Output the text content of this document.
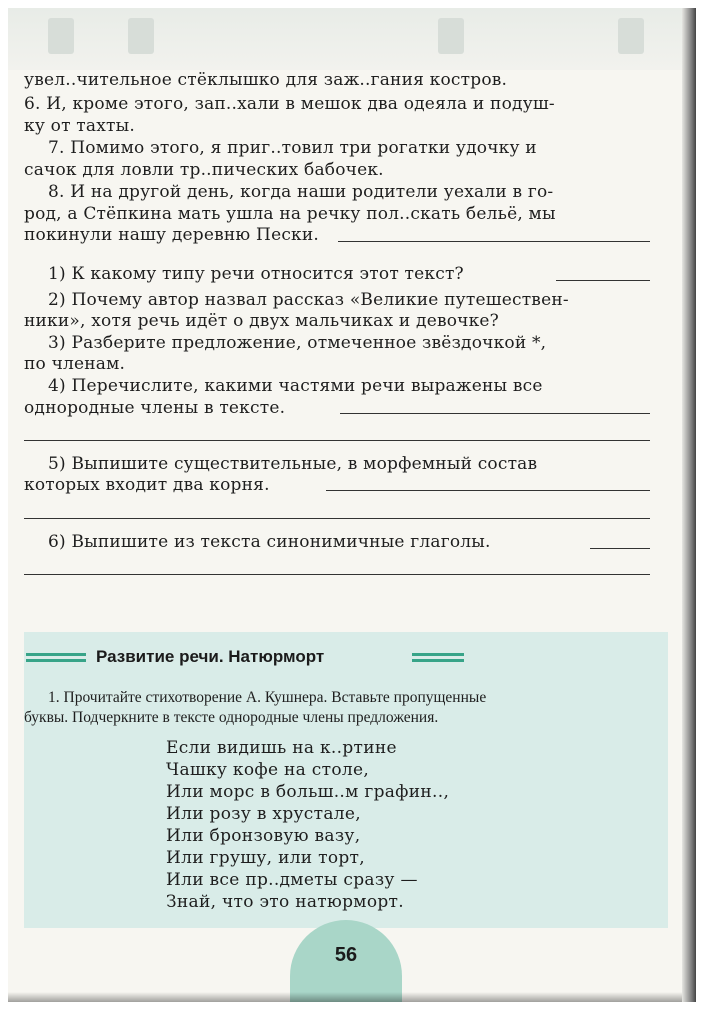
увел..чительное стёклышко для заж..гания костров.
6. И, кроме этого, зап..хали в мешок два одеяла и подуш-
ку от тахты.
7. Помимо этого, я приг..товил три рогатки удочку и
сачок для ловли тр..пических бабочек.
8. И на другой день, когда наши родители уехали в го-
род, а Стёпкина мать ушла на речку пол..скать бельё, мы
покинули нашу деревню Пески.
1) К какому типу речи относится этот текст?
2) Почему автор назвал рассказ «Великие путешествен-
ники», хотя речь идёт о двух мальчиках и девочке?
3) Разберите предложение, отмеченное звёздочкой *,
по членам.
4) Перечислите, какими частями речи выражены все
однородные члены в тексте.
5) Выпишите существительные, в морфемный состав
которых входит два корня.
6) Выпишите из текста синонимичные глаголы.
Развитие речи. Натюрморт
1. Прочитайте стихотворение А. Кушнера. Вставьте пропущенные
буквы. Подчеркните в тексте однородные члены предложения.
Если видишь на к..ртине
Чашку кофе на столе,
Или морс в больш..м графин..,
Или розу в хрустале,
Или бронзовую вазу,
Или грушу, или торт,
Или все пр..дметы сразу —
Знай, что это натюрморт.
56
